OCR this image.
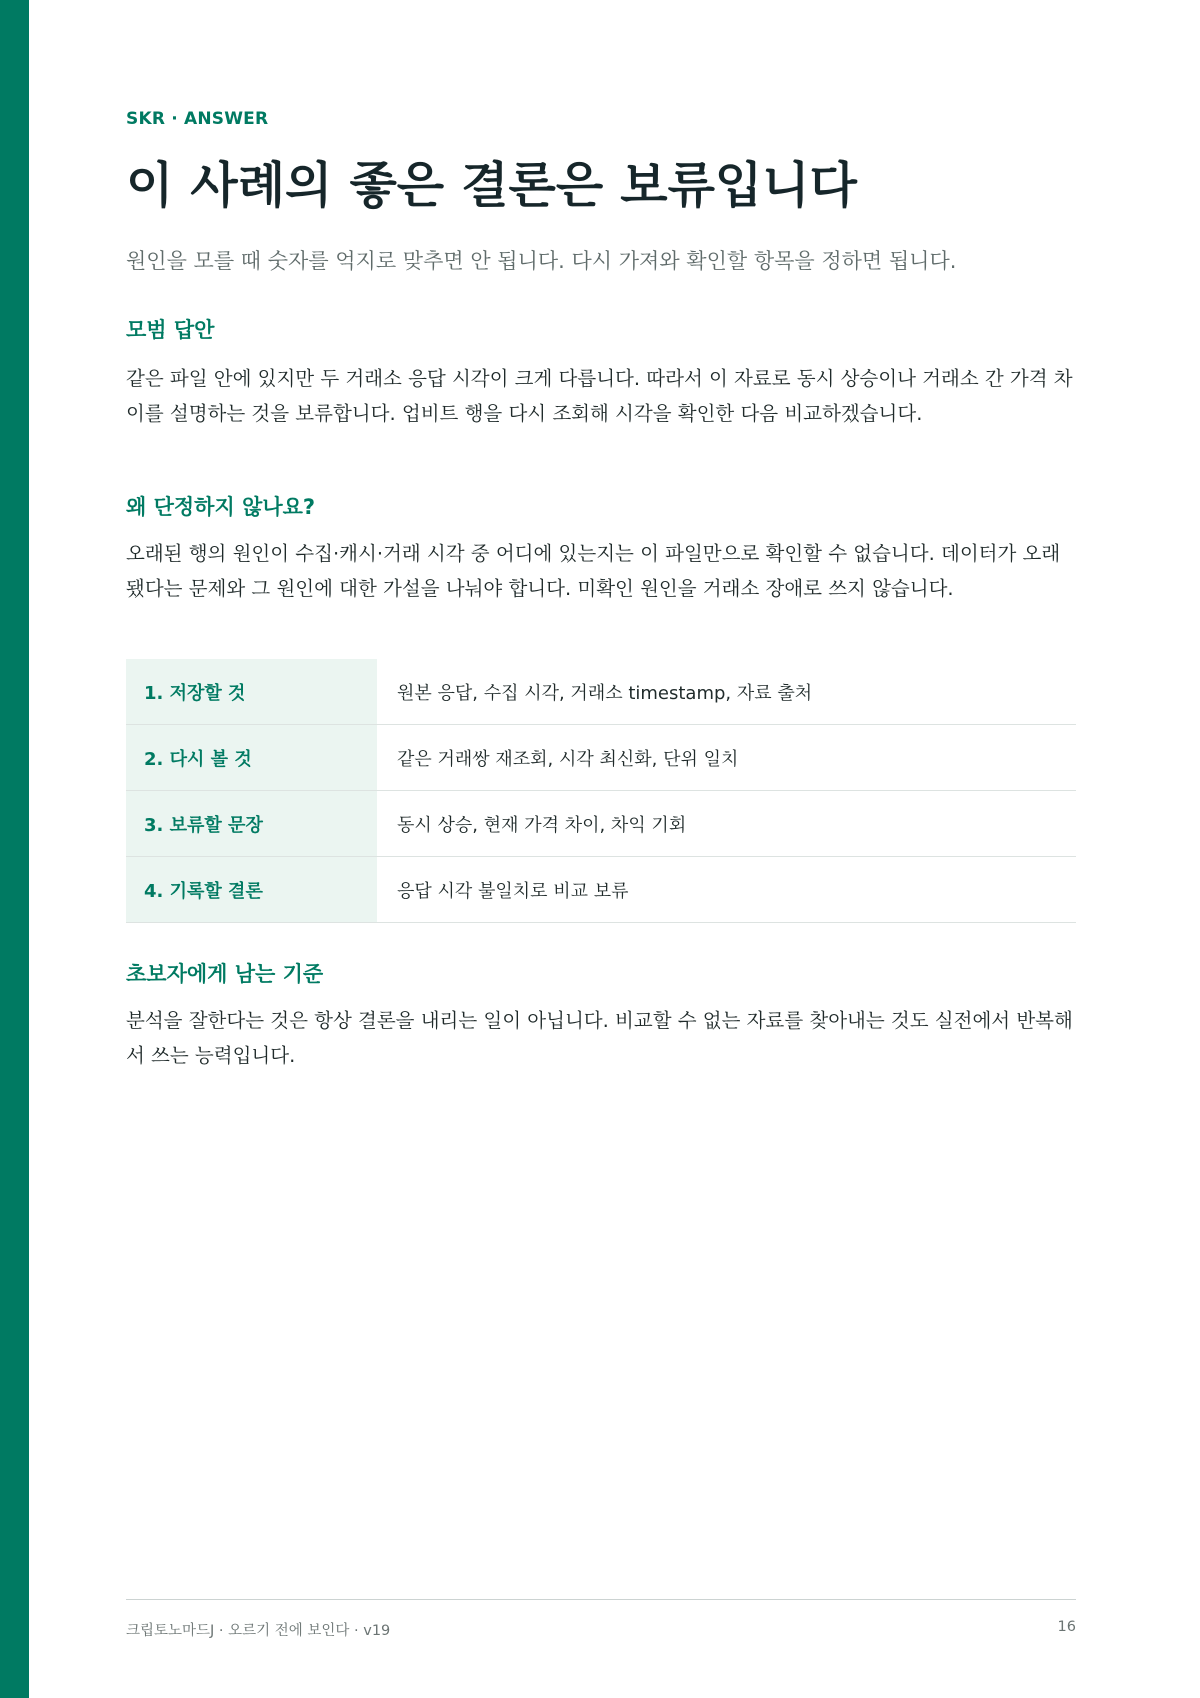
SKR · ANSWER
이 사례의 좋은 결론은 보류입니다
원인을 모를 때 숫자를 억지로 맞추면 안 됩니다. 다시 가져와 확인할 항목을 정하면 됩니다.
모범 답안
같은 파일 안에 있지만 두 거래소 응답 시각이 크게 다릅니다. 따라서 이 자료로 동시 상승이나 거래소 간 가격 차이를 설명하는 것을 보류합니다. 업비트 행을 다시 조회해 시각을 확인한 다음 비교하겠습니다.
왜 단정하지 않나요?
오래된 행의 원인이 수집·캐시·거래 시각 중 어디에 있는지는 이 파일만으로 확인할 수 없습니다. 데이터가 오래됐다는 문제와 그 원인에 대한 가설을 나눠야 합니다. 미확인 원인을 거래소 장애로 쓰지 않습니다.
1. 저장할 것	원본 응답, 수집 시각, 거래소 timestamp, 자료 출처
2. 다시 볼 것	같은 거래쌍 재조회, 시각 최신화, 단위 일치
3. 보류할 문장	동시 상승, 현재 가격 차이, 차익 기회
4. 기록할 결론	응답 시각 불일치로 비교 보류
초보자에게 남는 기준
분석을 잘한다는 것은 항상 결론을 내리는 일이 아닙니다. 비교할 수 없는 자료를 찾아내는 것도 실전에서 반복해서 쓰는 능력입니다.
크립토노마드J · 오르기 전에 보인다 · v19	16
